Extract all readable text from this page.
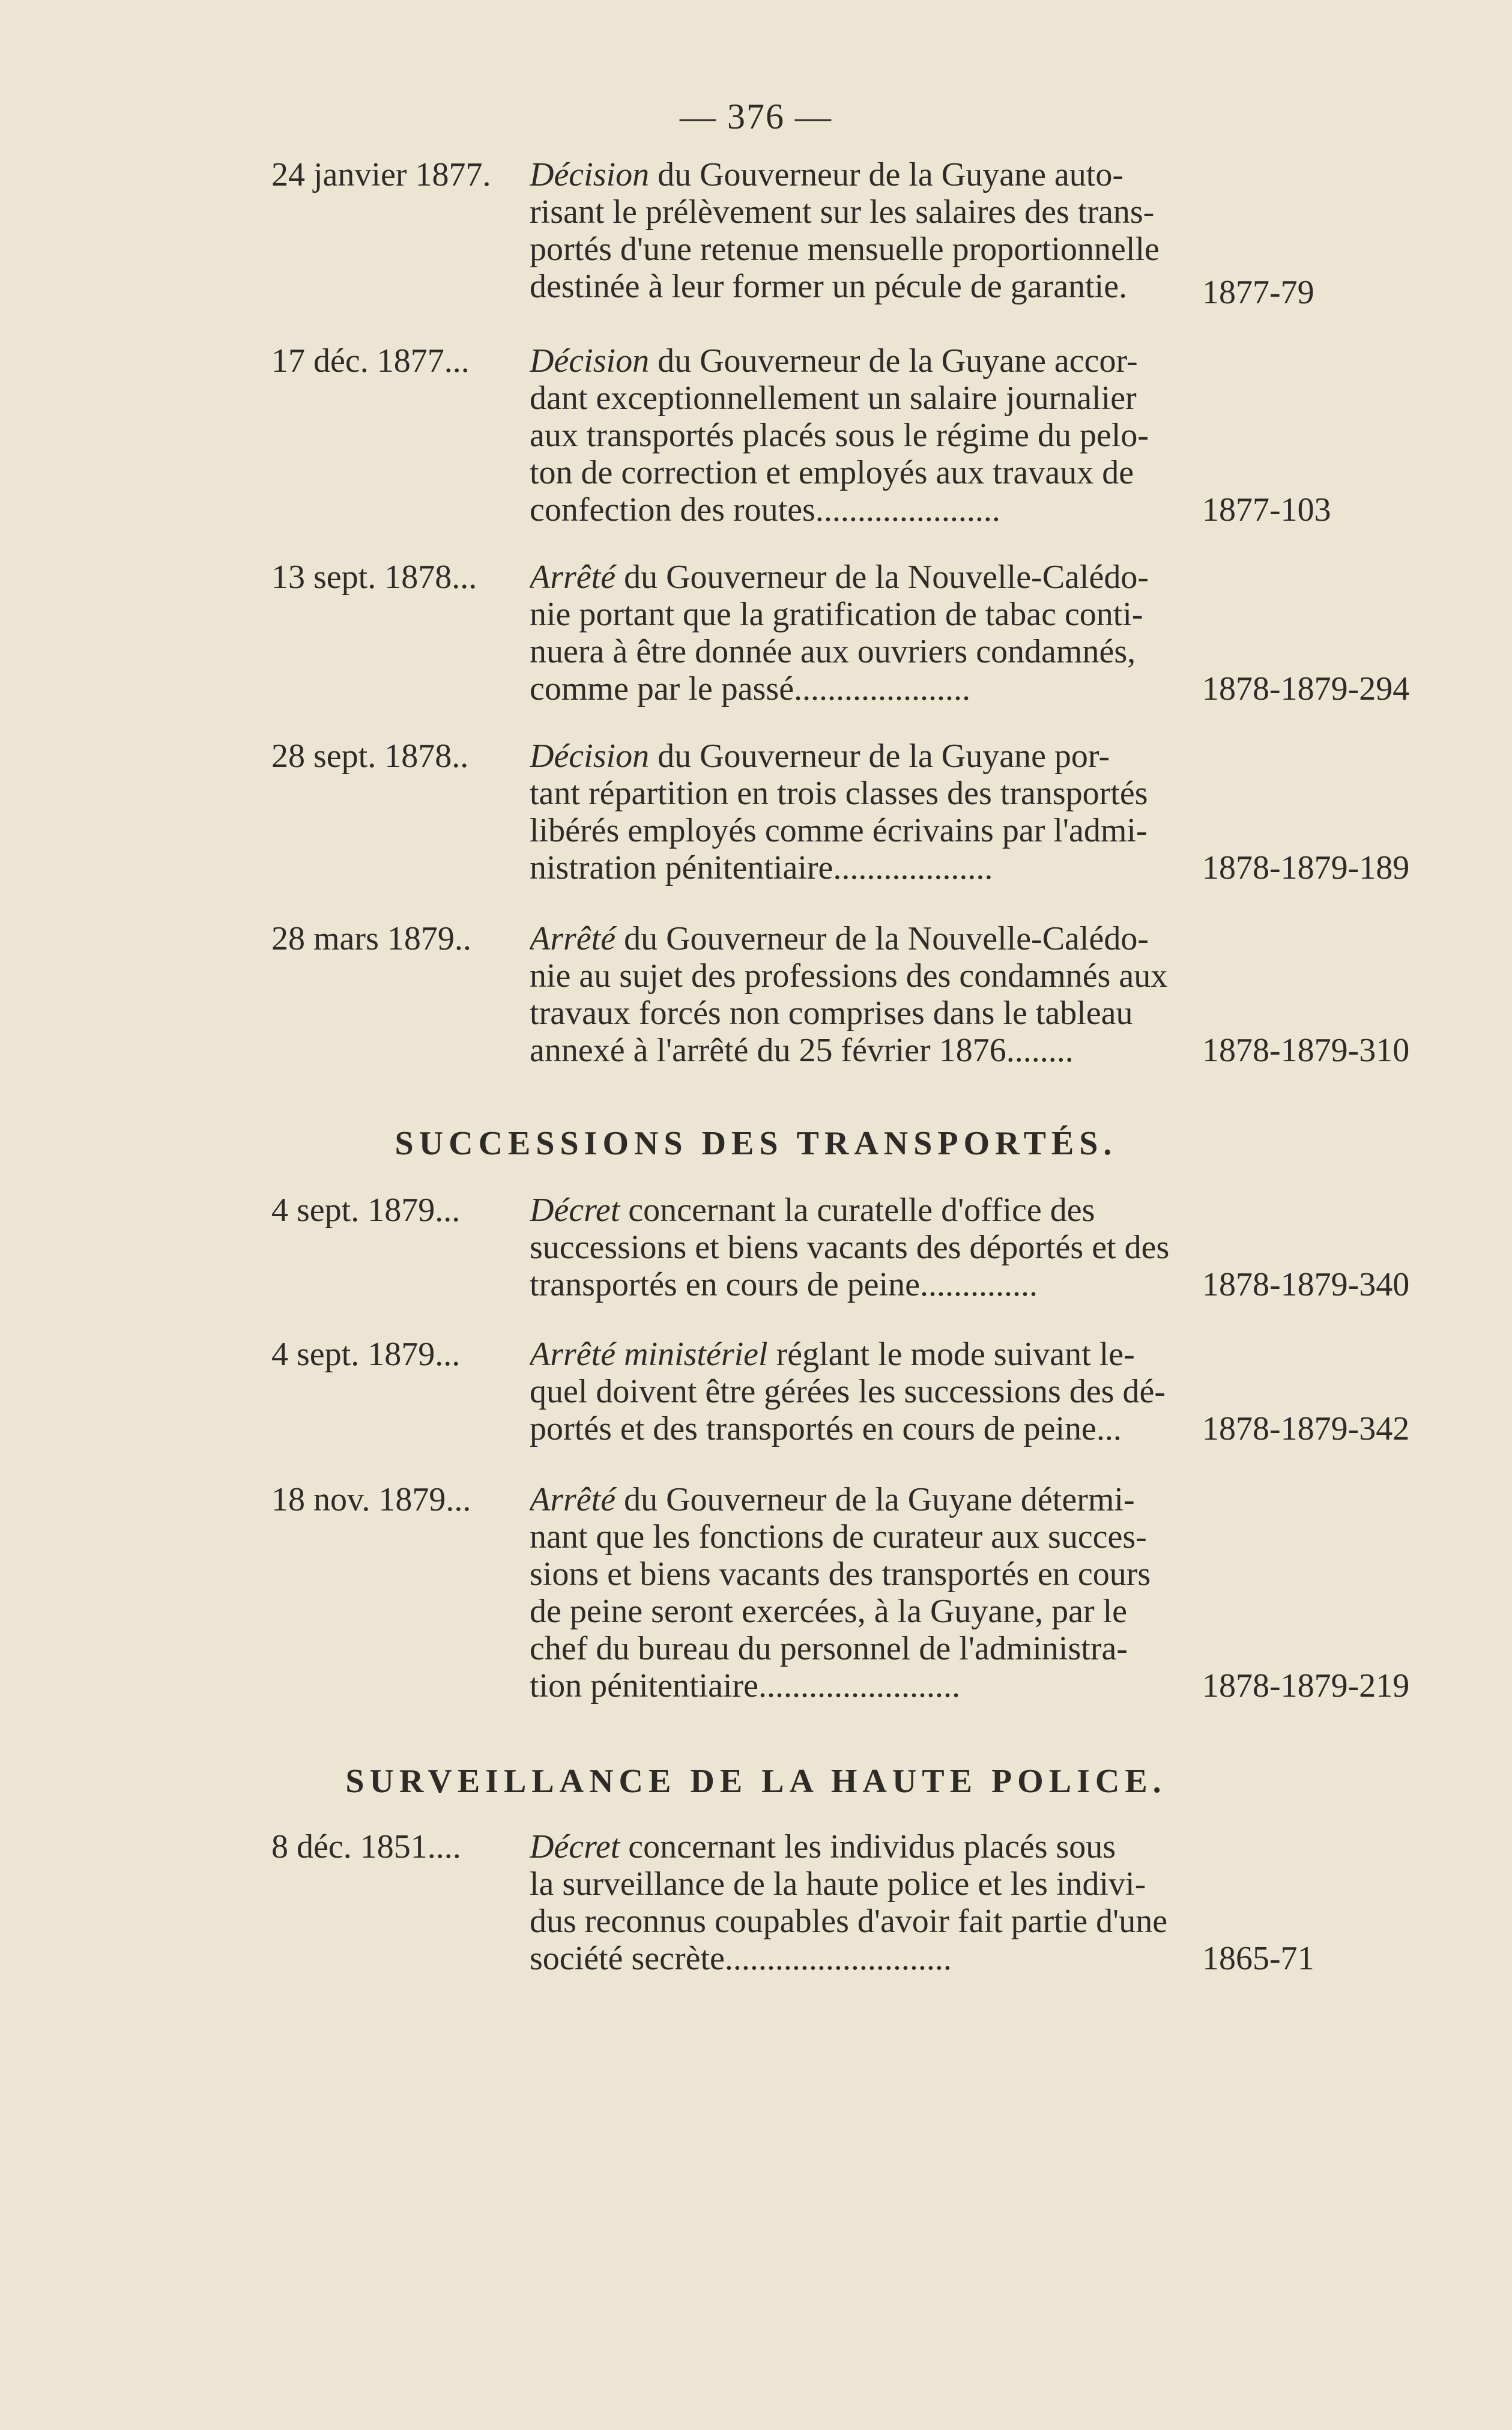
— 376 —
24 janvier 1877.	Décision du Gouverneur de la Guyane auto-
risant le prélèvement sur les salaires des trans-
portés d'une retenue mensuelle proportionnelle
destinée à leur former un pécule de garantie.	1877-79
17 déc. 1877...	Décision du Gouverneur de la Guyane accor-
dant exceptionnellement un salaire journalier
aux transportés placés sous le régime du pelo-
ton de correction et employés aux travaux de
confection des routes......................	1877-103
13 sept. 1878...	Arrêté du Gouverneur de la Nouvelle-Calédo-
nie portant que la gratification de tabac conti-
nuera à être donnée aux ouvriers condamnés,
comme par le passé.....................	1878-1879-294
28 sept. 1878..	Décision du Gouverneur de la Guyane por-
tant répartition en trois classes des transportés
libérés employés comme écrivains par l'admi-
nistration pénitentiaire...................	1878-1879-189
28 mars 1879..	Arrêté du Gouverneur de la Nouvelle-Calédo-
nie au sujet des professions des condamnés aux
travaux forcés non comprises dans le tableau
annexé à l'arrêté du 25 février 1876........	1878-1879-310
SUCCESSIONS DES TRANSPORTÉS.
4 sept. 1879...	Décret concernant la curatelle d'office des
successions et biens vacants des déportés et des
transportés en cours de peine..............	1878-1879-340
4 sept. 1879...	Arrêté ministériel réglant le mode suivant le-
quel doivent être gérées les successions des dé-
portés et des transportés en cours de peine...	1878-1879-342
18 nov. 1879...	Arrêté du Gouverneur de la Guyane détermi-
nant que les fonctions de curateur aux succes-
sions et biens vacants des transportés en cours
de peine seront exercées, à la Guyane, par le
chef du bureau du personnel de l'administra-
tion pénitentiaire........................	1878-1879-219
SURVEILLANCE DE LA HAUTE POLICE.
8 déc. 1851....	Décret concernant les individus placés sous
la surveillance de la haute police et les indivi-
dus reconnus coupables d'avoir fait partie d'une
société secrète...........................	1865-71
